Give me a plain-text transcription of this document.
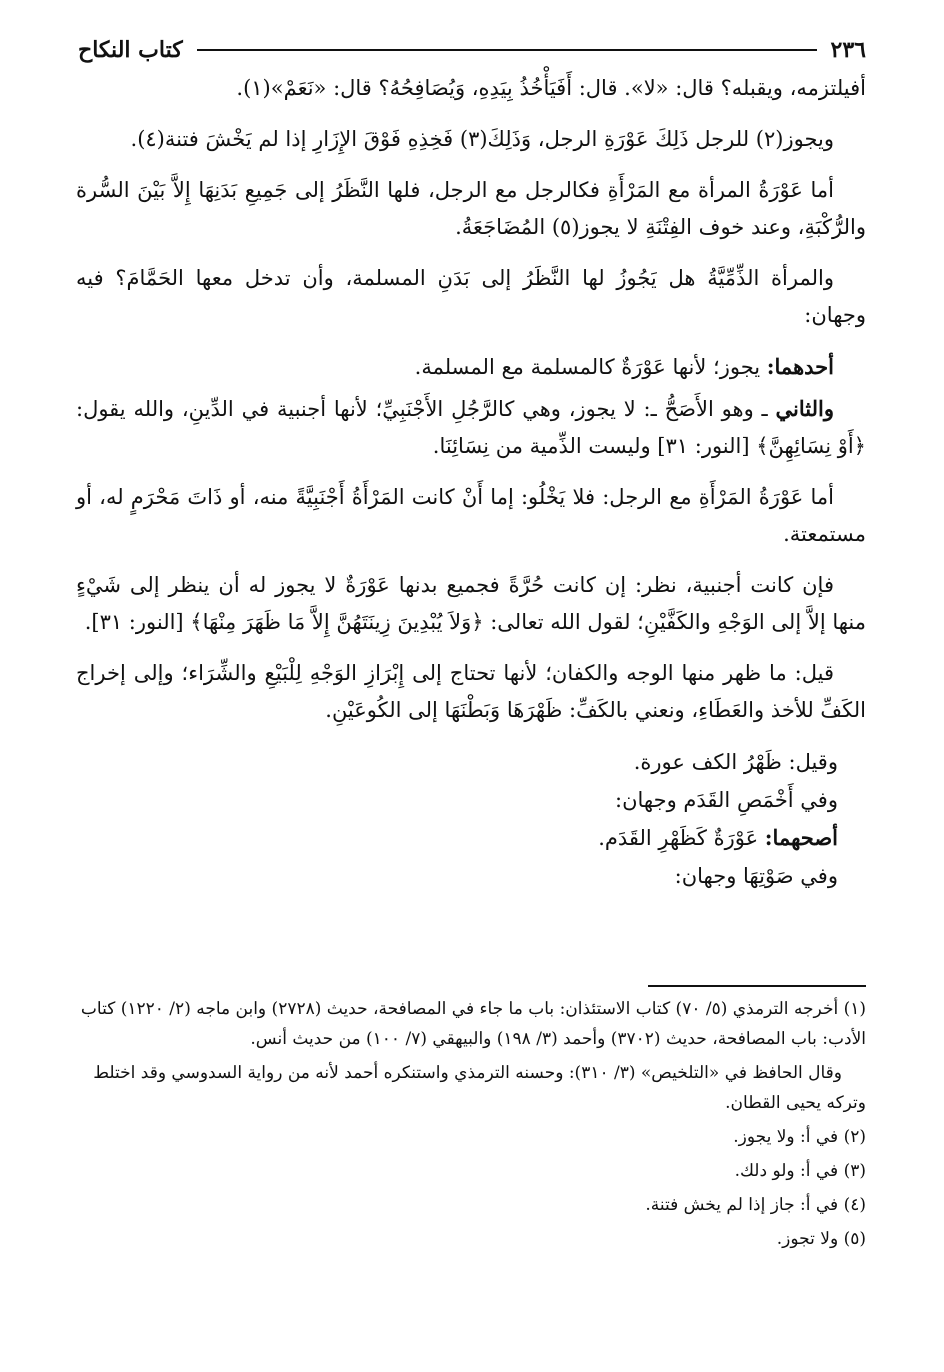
٢٣٦
كتاب النكاح

أفيلتزمه، ويقبله؟ قال: «لا». قال: أَفَيَأْخُذُ بِيَدِهِ، وَيُصَافِحُهُ؟ قال: «نَعَمْ»(١).

ويجوز(٢) للرجل ذَلِكَ عَوْرَةِ الرجل، وَذَلِكَ(٣) فَخِذِهِ فَوْقَ الإِزَارِ إذا لم يَخْشَ فتنة(٤).

أما عَوْرَةُ المرأة مع المَرْأَةِ فكالرجل مع الرجل، فلها النَّظَرُ إلى جَمِيعِ بَدَنِهَا إِلاَّ بَيْنَ السُّرة والرُّكْبَةِ، وعند خوف الفِتْنَةِ لا يجوز(٥) المُضَاجَعَةُ.

والمرأة الذِّمِّيَّةُ هل يَجُوزُ لها النَّظَرُ إلى بَدَنِ المسلمة، وأن تدخل معها الحَمَّامَ؟ فيه وجهان:

أحدهما: يجوز؛ لأنها عَوْرَةٌ كالمسلمة مع المسلمة.

والثاني ـ وهو الأَصَحُّ ـ: لا يجوز، وهي كالرَّجُلِ الأَجْنَبِيِّ؛ لأنها أجنبية في الدِّينِ، والله يقول: ﴿أَوْ نِسَائِهِنَّ﴾ [النور: ٣١] وليست الذِّمية من نِسَائِنَا.

أما عَوْرَةُ المَرْأَةِ مع الرجل: فلا يَخْلُو: إما أَنْ كانت المَرْأَةُ أَجْنَبِيَّةً منه، أو ذَاتَ مَحْرَمٍ له، أو مستمعتة.

فإن كانت أجنبية، نظر: إن كانت حُرَّةً فجميع بدنها عَوْرَةٌ لا يجوز له أن ينظر إلى شَيْءٍ منها إلاَّ إلى الوَجْهِ والكَفَّيْنِ؛ لقول الله تعالى: ﴿وَلاَ يُبْدِينَ زِينَتَهُنَّ إِلاَّ مَا ظَهَرَ مِنْهَا﴾ [النور: ٣١].

قيل: ما ظهر منها الوجه والكفان؛ لأنها تحتاج إلى إِبْرَازِ الوَجْهِ لِلْبَيْعِ والشِّرَاء؛ وإلى إخراج الكَفِّ للأخذ والعَطَاءِ، ونعني بالكَفِّ: ظَهْرَهَا وَبَطْنَهَا إلى الكُوعَيْنِ.

وقيل: ظَهْرُ الكف عورة.

وفي أَخْمَصِ القَدَم وجهان:

أصحهما: عَوْرَةٌ كَظَهْرِ القَدَم.

وفي صَوْتِهَا وجهان:

(١) أخرجه الترمذي (٥/ ٧٠) كتاب الاستئذان: باب ما جاء في المصافحة، حديث (٢٧٢٨) وابن ماجه (٢/ ١٢٢٠) كتاب الأدب: باب المصافحة، حديث (٣٧٠٢) وأحمد (٣/ ١٩٨) والبيهقي (٧/ ١٠٠) من حديث أنس.

وقال الحافظ في «التلخيص» (٣/ ٣١٠): وحسنه الترمذي واستنكره أحمد لأنه من رواية السدوسي وقد اختلط وتركه يحيى القطان.

(٢) في أ: ولا يجوز.

(٣) في أ: ولو دلك.

(٤) في أ: جاز إذا لم يخش فتنة.

(٥) ولا تجوز.
